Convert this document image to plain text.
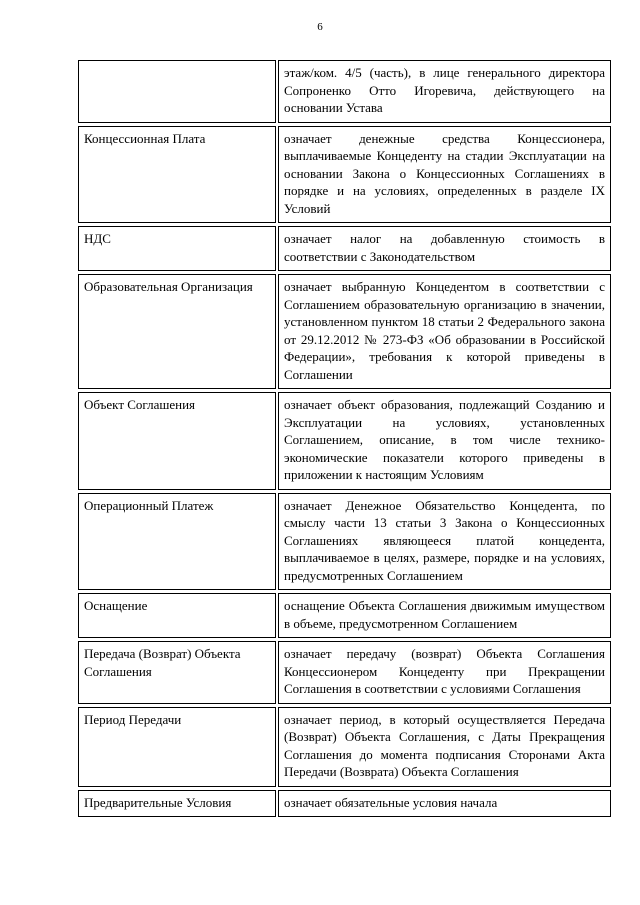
6
		этаж/ком. 4/5 (часть), в лице генерального директора Сопроненко Отто Игоревича, действующего на основании Устава

Концессионная Плата		означает денежные средства Концессионера, выплачиваемые Концеденту на стадии Эксплуатации на основании Закона о Концессионных Соглашениях в порядке и на условиях, определенных в разделе IX Условий

НДС		означает налог на добавленную стоимость в соответствии с Законодательством

Образовательная Организация		означает выбранную Концедентом в соответствии с Соглашением образовательную организацию в значении, установленном пунктом 18 статьи 2 Федерального закона от 29.12.2012 № 273-ФЗ «Об образовании в Российской Федерации», требования к которой приведены в Соглашении

Объект Соглашения		означает объект образования, подлежащий Созданию и Эксплуатации на условиях, установленных Соглашением, описание, в том числе технико-экономические показатели которого приведены в приложении к настоящим Условиям

Операционный Платеж		означает Денежное Обязательство Концедента, по смыслу части 13 статьи 3 Закона о Концессионных Соглашениях являющееся платой концедента, выплачиваемое в целях, размере, порядке и на условиях, предусмотренных Соглашением

Оснащение		оснащение Объекта Соглашения движимым имуществом в объеме, предусмотренном Соглашением

Передача (Возврат) Объекта Соглашения		означает передачу (возврат) Объекта Соглашения Концессионером Концеденту при Прекращении Соглашения в соответствии с условиями Соглашения

Период Передачи		означает период, в который осуществляется Передача (Возврат) Объекта Соглашения, с Даты Прекращения Соглашения до момента подписания Сторонами Акта Передачи (Возврата) Объекта Соглашения

Предварительные Условия		означает обязательные условия начала
